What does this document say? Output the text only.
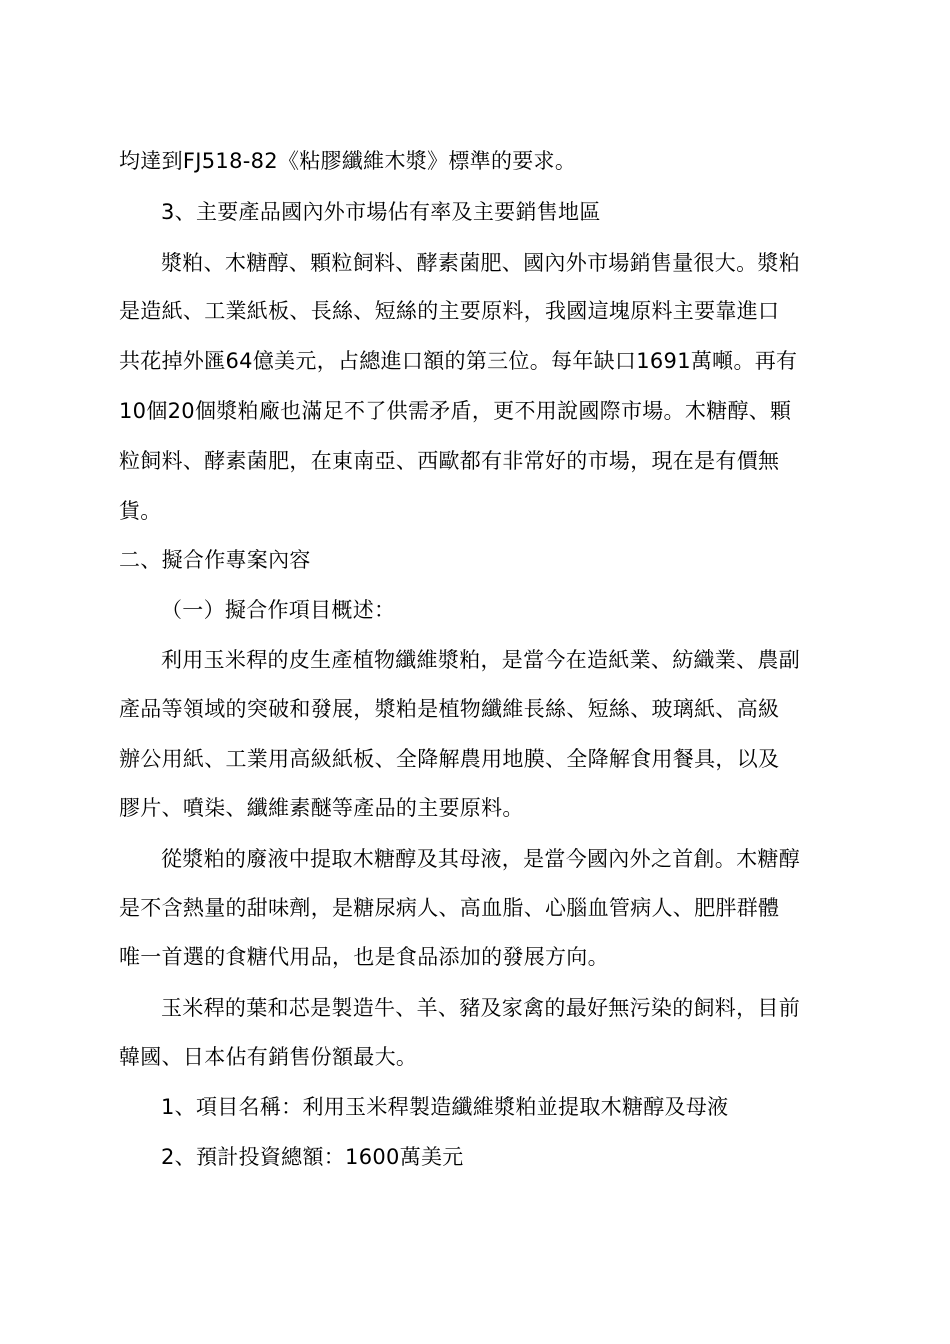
均達到FJ518-82《粘膠纖維木漿》標準的要求。
3、主要產品國內外市場佔有率及主要銷售地區
漿粕、木糖醇、顆粒飼料、酵素菌肥、國內外市場銷售量很大。漿粕
是造紙、工業紙板、長絲、短絲的主要原料，我國這塊原料主要靠進口
共花掉外匯64億美元，占總進口額的第三位。每年缺口1691萬噸。再有
10個20個漿粕廠也滿足不了供需矛盾，更不用說國際市場。木糖醇、顆
粒飼料、酵素菌肥，在東南亞、西歐都有非常好的市場，現在是有價無
貨。
二、擬合作專案內容
（一）擬合作項目概述：
利用玉米稈的皮生產植物纖維漿粕，是當今在造紙業、紡織業、農副
產品等領域的突破和發展，漿粕是植物纖維長絲、短絲、玻璃紙、高級
辦公用紙、工業用高級紙板、全降解農用地膜、全降解食用餐具，以及
膠片、噴柒、纖維素醚等產品的主要原料。
從漿粕的廢液中提取木糖醇及其母液，是當今國內外之首創。木糖醇
是不含熱量的甜味劑，是糖尿病人、高血脂、心腦血管病人、肥胖群體
唯一首選的食糖代用品，也是食品添加的發展方向。
玉米稈的葉和芯是製造牛、羊、豬及家禽的最好無污染的飼料，目前
韓國、日本佔有銷售份額最大。
1、項目名稱：利用玉米稈製造纖維漿粕並提取木糖醇及母液
2、預計投資總額：1600萬美元
